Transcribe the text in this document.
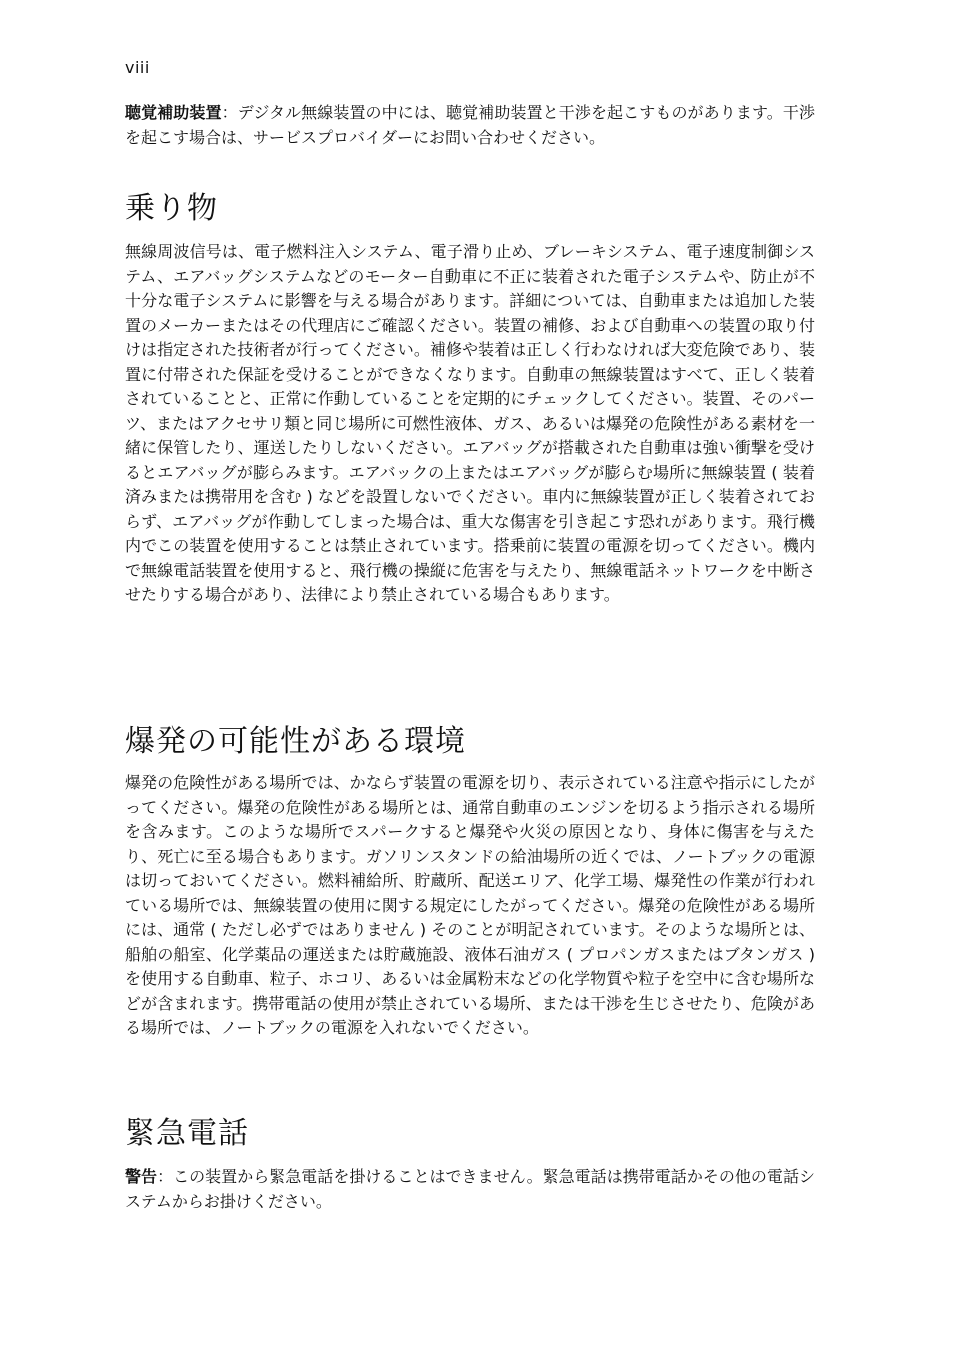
viii

聴覚補助装置：デジタル無線装置の中には、聴覚補助装置と干渉を起こすものがあります。干渉を起こす場合は、サービスプロバイダーにお問い合わせください。

乗り物

無線周波信号は、電子燃料注入システム、電子滑り止め、ブレーキシステム、電子速度制御システム、エアバッグシステムなどのモーター自動車に不正に装着された電子システムや、防止が不十分な電子システムに影響を与える場合があります。詳細については、自動車または追加した装置のメーカーまたはその代理店にご確認ください。装置の補修、および自動車への装置の取り付けは指定された技術者が行ってください。補修や装着は正しく行わなければ大変危険であり、装置に付帯された保証を受けることができなくなります。自動車の無線装置はすべて、正しく装着されていることと、正常に作動していることを定期的にチェックしてください。装置、そのパーツ、またはアクセサリ類と同じ場所に可燃性液体、ガス、あるいは爆発の危険性がある素材を一緒に保管したり、運送したりしないください。エアバッグが搭載された自動車は強い衝撃を受けるとエアバッグが膨らみます。エアバックの上またはエアバッグが膨らむ場所に無線装置 ( 装着済みまたは携帯用を含む ) などを設置しないでください。車内に無線装置が正しく装着されておらず、エアバッグが作動してしまった場合は、重大な傷害を引き起こす恐れがあります。飛行機内でこの装置を使用することは禁止されています。搭乗前に装置の電源を切ってください。機内で無線電話装置を使用すると、飛行機の操縦に危害を与えたり、無線電話ネットワークを中断させたりする場合があり、法律により禁止されている場合もあります。

爆発の可能性がある環境

爆発の危険性がある場所では、かならず装置の電源を切り、表示されている注意や指示にしたがってください。爆発の危険性がある場所とは、通常自動車のエンジンを切るよう指示される場所を含みます。このような場所でスパークすると爆発や火災の原因となり、身体に傷害を与えたり、死亡に至る場合もあります。ガソリンスタンドの給油場所の近くでは、ノートブックの電源は切っておいてください。燃料補給所、貯蔵所、配送エリア、化学工場、爆発性の作業が行われている場所では、無線装置の使用に関する規定にしたがってください。爆発の危険性がある場所には、通常 ( ただし必ずではありません ) そのことが明記されています。そのような場所とは、船舶の船室、化学薬品の運送または貯蔵施設、液体石油ガス ( プロパンガスまたはブタンガス ) を使用する自動車、粒子、ホコリ、あるいは金属粉末などの化学物質や粒子を空中に含む場所などが含まれます。携帯電話の使用が禁止されている場所、または干渉を生じさせたり、危険がある場所では、ノートブックの電源を入れないでください。

緊急電話

警告：この装置から緊急電話を掛けることはできません。緊急電話は携帯電話かその他の電話システムからお掛けください。
